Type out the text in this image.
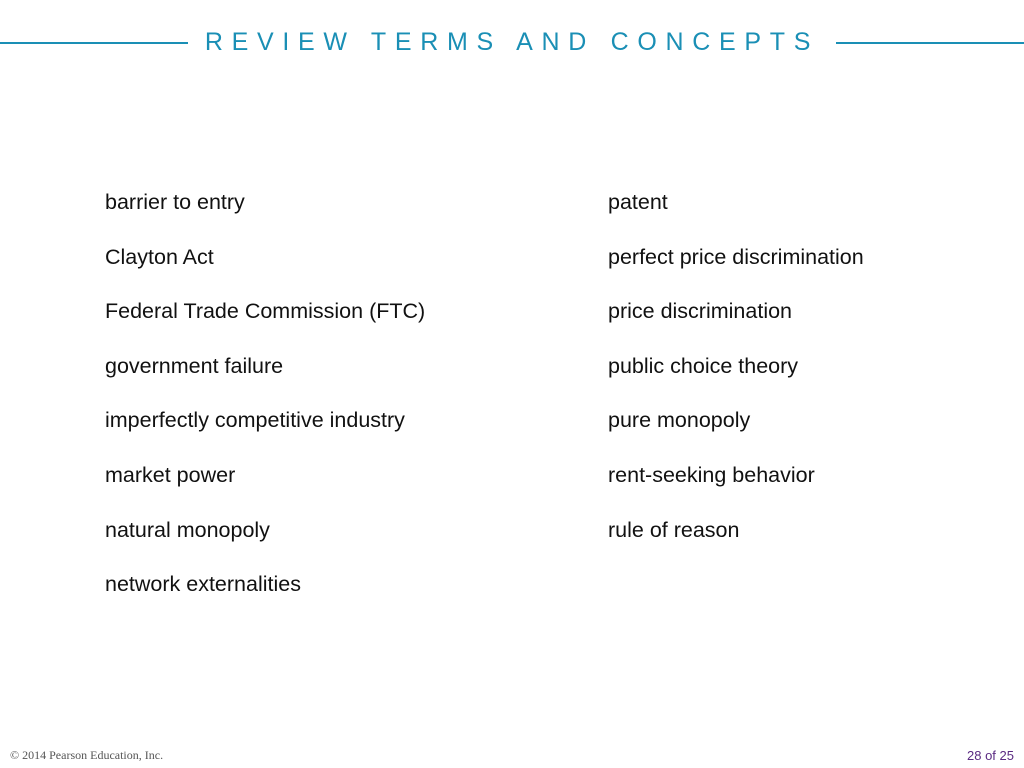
REVIEW TERMS AND CONCEPTS
barrier to entry
Clayton Act
Federal Trade Commission (FTC)
government failure
imperfectly competitive industry
market power
natural monopoly
network externalities
patent
perfect price discrimination
price discrimination
public choice theory
pure monopoly
rent-seeking behavior
rule of reason
© 2014 Pearson Education, Inc.	28 of 25
